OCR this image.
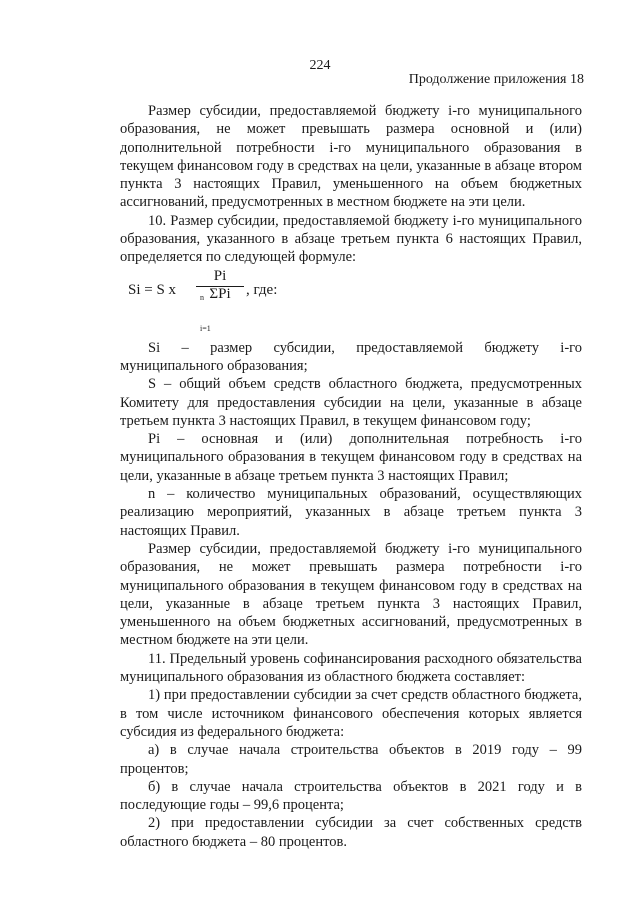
224
Продолжение приложения 18

Размер субсидии, предоставляемой бюджету і-го муниципального образования, не может превышать размера основной и (или) дополнительной потребности і-го муниципального образования в текущем финансовом году в средствах на цели, указанные в абзаце втором пункта 3 настоящих Правил, уменьшенного на объем бюджетных ассигнований, предусмотренных в местном бюджете на эти цели.

10. Размер субсидии, предоставляемой бюджету і-го муниципального образования, указанного в абзаце третьем пункта 6 настоящих Правил, определяется по следующей формуле:

Si = S x
Pi
ΣPi
n
i=1
, где:

Si – размер субсидии, предоставляемой бюджету і-го муниципального образования;

S – общий объем средств областного бюджета, предусмотренных Комитету для предоставления субсидии на цели, указанные в абзаце третьем пункта 3 настоящих Правил, в текущем финансовом году;

Pi – основная и (или) дополнительная потребность і-го муниципального образования в текущем финансовом году в средствах на цели, указанные в абзаце третьем пункта 3 настоящих Правил;

n – количество муниципальных образований, осуществляющих реализацию мероприятий, указанных в абзаце третьем пункта 3 настоящих Правил.

Размер субсидии, предоставляемой бюджету і-го муниципального образования, не может превышать размера потребности і-го муниципального образования в текущем финансовом году в средствах на цели, указанные в абзаце третьем пункта 3 настоящих Правил, уменьшенного на объем бюджетных ассигнований, предусмотренных в местном бюджете на эти цели.

11. Предельный уровень софинансирования расходного обязательства муниципального образования из областного бюджета составляет:

1) при предоставлении субсидии за счет средств областного бюджета, в том числе источником финансового обеспечения которых является субсидия из федерального бюджета:

а) в случае начала строительства объектов в 2019 году – 99 процентов;

б) в случае начала строительства объектов в 2021 году и в последующие годы – 99,6 процента;

2) при предоставлении субсидии за счет собственных средств областного бюджета – 80 процентов.
